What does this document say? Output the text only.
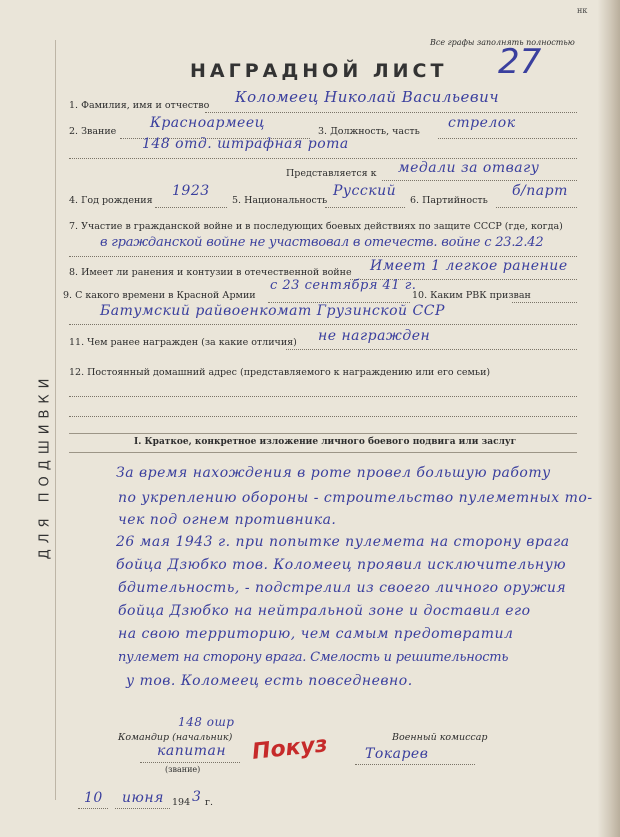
ДЛЯ ПОДШИВКИ
нк
Все графы заполнять полностью
27
НАГРАДНОЙ ЛИСТ
1. Фамилия, имя и отчество Коломеец Николай Васильевич
2. Звание
Красноармеец
3. Должность, часть
стрелок
148 отд. штрафная рота
Представляется к медали за отвагу
4. Год рождения
1923
5. Национальность
Русский
6. Партийность
б/парт
7. Участие в гражданской войне и в последующих боевых действиях по защите СССР (где, когда)
в гражданской войне не участвовал в отечеств. войне с 23.2.42
8. Имеет ли ранения и контузии в отечественной войне Имеет 1 легкое ранение
9. С какого времени в Красной Армии
с 23 сентября 41 г.
10. Каким РВК призван
Батумский райвоенкомат Грузинской ССР
11. Чем ранее награжден (за какие отличия) не награжден
12. Постоянный домашний адрес (представляемого к награждению или его семьи)
I. Краткое, конкретное изложение личного боевого подвига или заслуг
За время нахождения в роте провел большую работу
по укреплению обороны - строительство пулеметных то-
чек под огнем противника.
26 мая 1943 г. при попытке пулемета на сторону врага
бойца Дзюбко тов. Коломеец проявил исключительную
бдительность, - подстрелил из своего личного оружия
бойца Дзюбко на нейтральной зоне и доставил его
на свою территорию, чем самым предотвратил
пулемет на сторону врага. Смелость и решительность
у тов. Коломеец есть повседневно.
148 ошр
Командир (начальник)
капитан
(звание)
Покуз	Военный комиссар
Токарев
10 июня 194 3 г.
